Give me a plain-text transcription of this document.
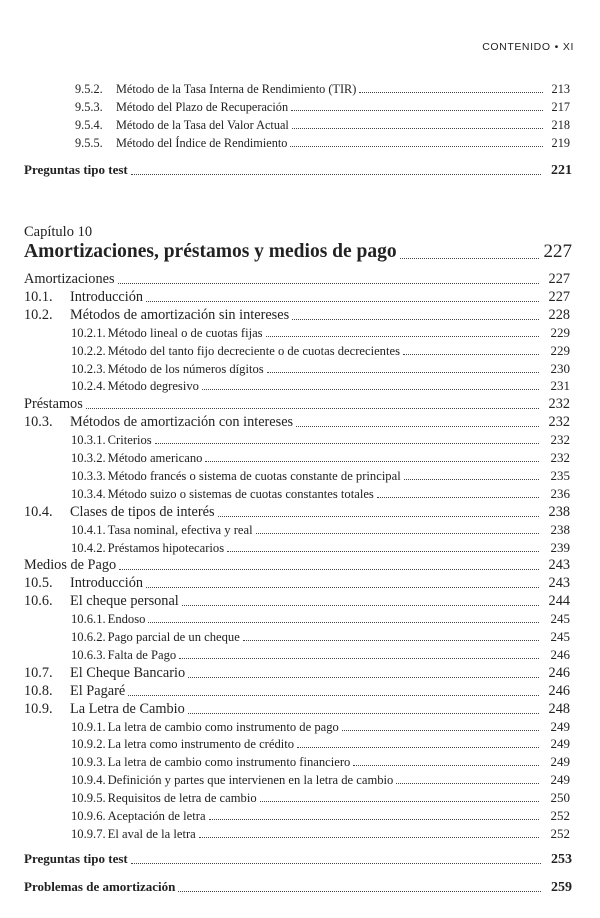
CONTENIDO • XI
9.5.2.	Método de la Tasa Interna de Rendimiento (TIR)	213
9.5.3.	Método del Plazo de Recuperación	217
9.5.4.	Método de la Tasa del Valor Actual	218
9.5.5.	Método del Índice de Rendimiento	219
Preguntas tipo test	221
Capítulo 10
Amortizaciones, préstamos y medios de pago	227
Amortizaciones	227
10.1.	Introducción	227
10.2.	Métodos de amortización sin intereses	228
10.2.1. Método lineal o de cuotas fijas	229
10.2.2. Método del tanto fijo decreciente o de cuotas decrecientes	229
10.2.3. Método de los números dígitos	230
10.2.4. Método degresivo	231
Préstamos	232
10.3.	Métodos de amortización con intereses	232
10.3.1. Criterios	232
10.3.2. Método americano	232
10.3.3. Método francés o sistema de cuotas constante de principal	235
10.3.4. Método suizo o sistemas de cuotas constantes totales	236
10.4.	Clases de tipos de interés	238
10.4.1. Tasa nominal, efectiva y real	238
10.4.2. Préstamos hipotecarios	239
Medios de Pago	243
10.5.	Introducción	243
10.6.	El cheque personal	244
10.6.1. Endoso	245
10.6.2. Pago parcial de un cheque	245
10.6.3. Falta de Pago	246
10.7.	El Cheque Bancario	246
10.8.	El Pagaré	246
10.9.	La Letra de Cambio	248
10.9.1. La letra de cambio como instrumento de pago	249
10.9.2. La letra como instrumento de crédito	249
10.9.3. La letra de cambio como instrumento financiero	249
10.9.4. Definición y partes que intervienen en la letra de cambio	249
10.9.5. Requisitos de letra de cambio	250
10.9.6. Aceptación de letra	252
10.9.7. El aval de la letra	252
Preguntas tipo test	253
Problemas de amortización	259
